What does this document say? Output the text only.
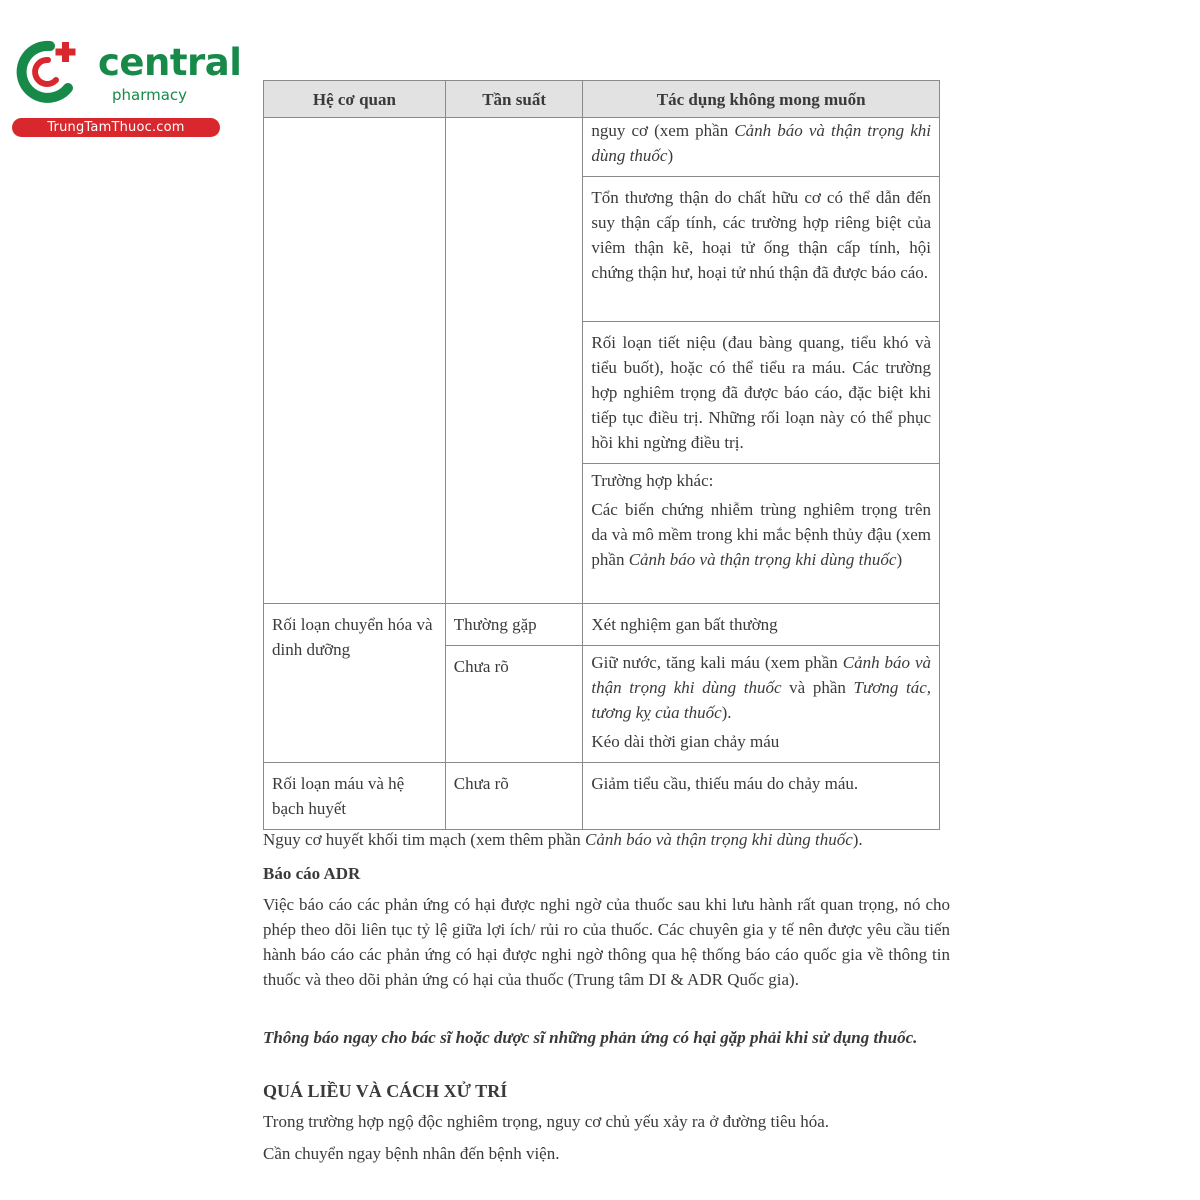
central
pharmacy
TrungTamThuoc.com
Hệ cơ quan	Tần suất	Tác dụng không mong muốn

		nguy cơ (xem phần Cảnh báo và thận trọng khi dùng thuốc)

		Tổn thương thận do chất hữu cơ có thể dẫn đến suy thận cấp tính, các trường hợp riêng biệt của viêm thận kẽ, hoại tử ống thận cấp tính, hội chứng thận hư, hoại tử nhú thận đã được báo cáo.

		Rối loạn tiết niệu (đau bàng quang, tiểu khó và tiểu buốt), hoặc có thể tiểu ra máu. Các trường hợp nghiêm trọng đã được báo cáo, đặc biệt khi tiếp tục điều trị. Những rối loạn này có thể phục hồi khi ngừng điều trị.

		Trường hợp khác:
Các biến chứng nhiễm trùng nghiêm trọng trên da và mô mềm trong khi mắc bệnh thủy đậu (xem phần Cảnh báo và thận trọng khi dùng thuốc)

Rối loạn chuyển hóa và dinh dưỡng	Thường gặp	Xét nghiệm gan bất thường

	Chưa rõ	Giữ nước, tăng kali máu (xem phần Cảnh báo và thận trọng khi dùng thuốc và phần Tương tác, tương kỵ của thuốc).
Kéo dài thời gian chảy máu

Rối loạn máu và hệ bạch huyết	Chưa rõ	Giảm tiểu cầu, thiếu máu do chảy máu.

Nguy cơ huyết khối tim mạch (xem thêm phần Cảnh báo và thận trọng khi dùng thuốc).

Báo cáo ADR

Việc báo cáo các phản ứng có hại được nghi ngờ của thuốc sau khi lưu hành rất quan trọng, nó cho phép theo dõi liên tục tỷ lệ giữa lợi ích/ rủi ro của thuốc. Các chuyên gia y tế nên được yêu cầu tiến hành báo cáo các phản ứng có hại được nghi ngờ thông qua hệ thống báo cáo quốc gia về thông tin thuốc và theo dõi phản ứng có hại của thuốc (Trung tâm DI & ADR Quốc gia).

Thông báo ngay cho bác sĩ hoặc dược sĩ những phản ứng có hại gặp phải khi sử dụng thuốc.

QUÁ LIỀU VÀ CÁCH XỬ TRÍ

Trong trường hợp ngộ độc nghiêm trọng, nguy cơ chủ yếu xảy ra ở đường tiêu hóa.

Cần chuyển ngay bệnh nhân đến bệnh viện.
